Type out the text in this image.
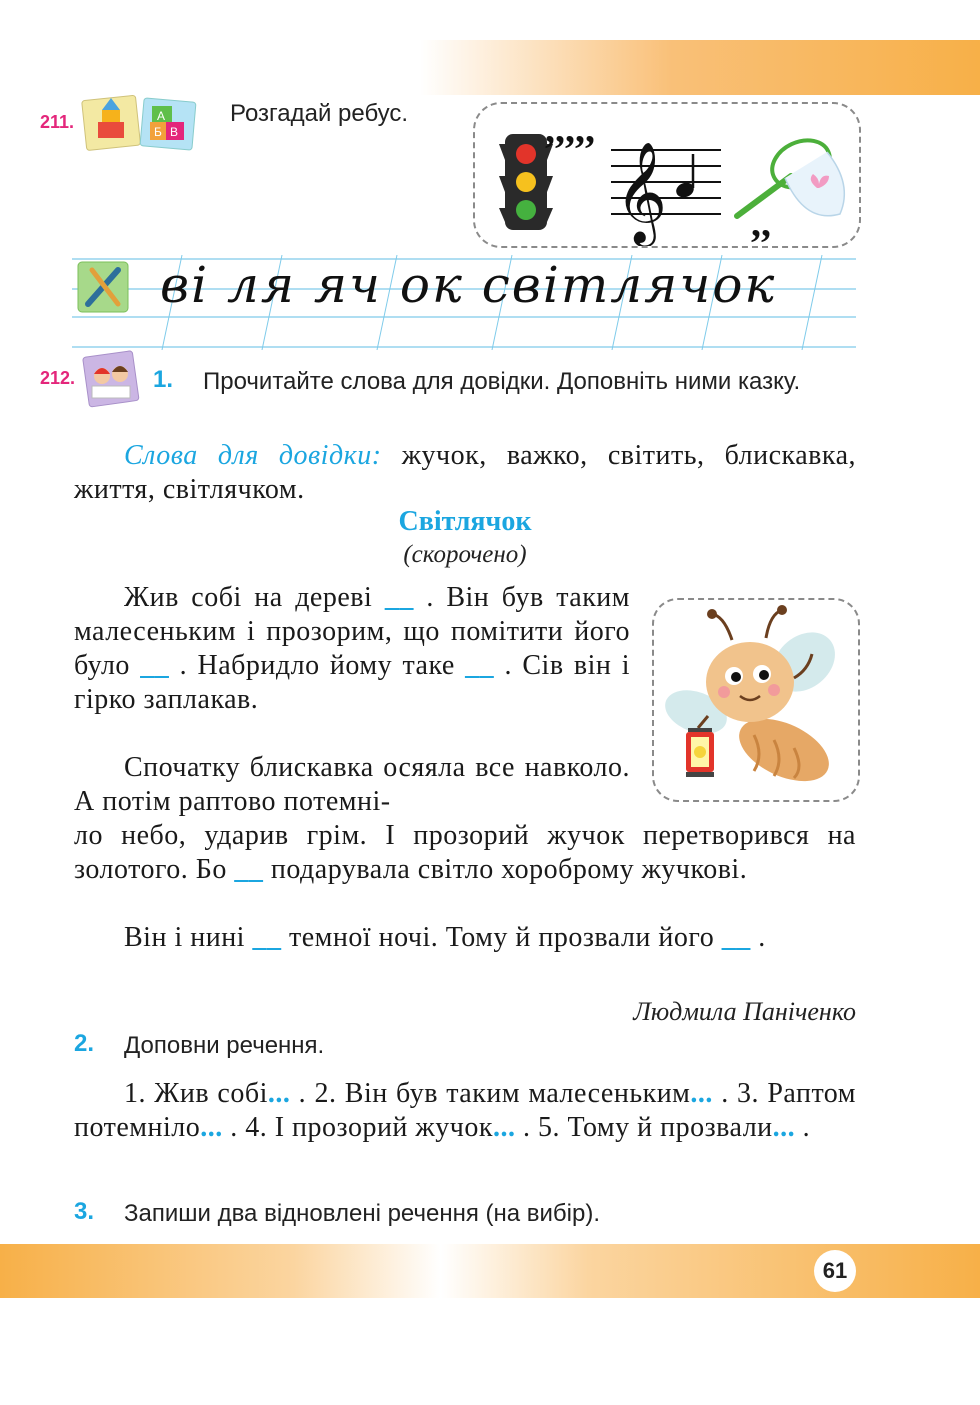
211.	Б В
А	Розгадай ребус.	,,,,,
𝄞 ,,
ві ля яч ок світлячок
212.	1. Прочитайте слова для довідки. Доповніть ними казку.
Слова для довідки: жучок, важко, світить, блискавка, життя, світлячком.
Світлячок
(скорочено)
Жив собі на дереві __ . Він був таким малесеньким і прозорим, що помітити його було __ . Набридло йому таке __ . Сів він і гірко заплакав.
Спочатку блискавка осяяла все навколо. А потім раптово потемні-
ло небо, ударив грім. І прозорий жучок перетворився на золотого. Бо __ подарувала світло хороброму жучкові.
Він і нині __ темної ночі. Тому й прозвали його __ .
Людмила Паніченко
2. Доповни речення.
1. Жив собі... . 2. Він був таким малесеньким... . 3. Раптом потемніло... . 4. І прозорий жучок... . 5. Тому й прозвали... .
3. Запиши два відновлені речення (на вибір).
61
